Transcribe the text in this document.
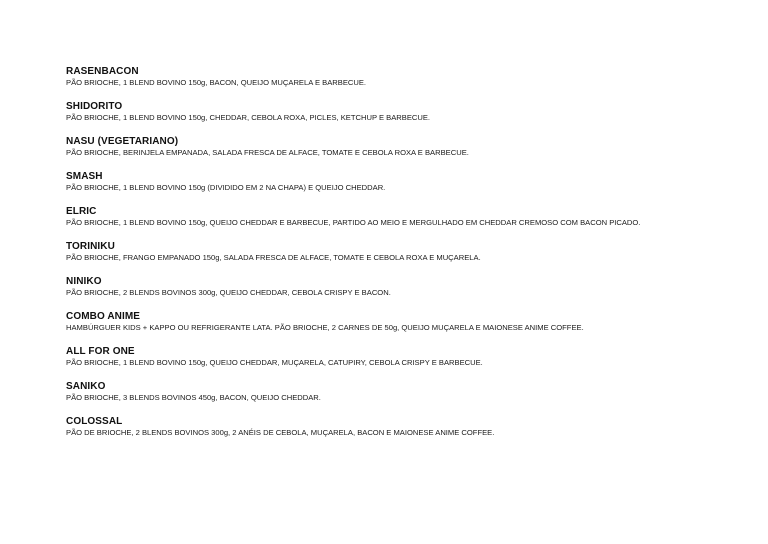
RASENBACON

PÃO BRIOCHE, 1 BLEND BOVINO 150g, BACON, QUEIJO MUÇARELA E BARBECUE.

SHIDORITO

PÃO BRIOCHE, 1 BLEND BOVINO 150g, CHEDDAR, CEBOLA ROXA, PICLES, KETCHUP E BARBECUE.

NASU (VEGETARIANO)

PÃO BRIOCHE, BERINJELA EMPANADA, SALADA FRESCA DE ALFACE, TOMATE E CEBOLA ROXA E BARBECUE.

SMASH

PÃO BRIOCHE, 1 BLEND BOVINO 150g (DIVIDIDO EM 2 NA CHAPA) E QUEIJO CHEDDAR.

ELRIC

PÃO BRIOCHE, 1 BLEND BOVINO 150g, QUEIJO CHEDDAR E BARBECUE, PARTIDO AO MEIO E MERGULHADO EM CHEDDAR CREMOSO COM BACON PICADO.

TORINIKU

PÃO BRIOCHE, FRANGO EMPANADO 150g, SALADA FRESCA DE ALFACE, TOMATE E CEBOLA ROXA E MUÇARELA.

NINIKO

PÃO BRIOCHE, 2 BLENDS BOVINOS 300g, QUEIJO CHEDDAR, CEBOLA CRISPY E BACON.

COMBO ANIME

HAMBÚRGUER KIDS + KAPPO OU REFRIGERANTE LATA. PÃO BRIOCHE, 2 CARNES DE 50g, QUEIJO MUÇARELA E MAIONESE ANIME COFFEE.

ALL FOR ONE

PÃO BRIOCHE, 1 BLEND BOVINO 150g, QUEIJO CHEDDAR, MUÇARELA, CATUPIRY, CEBOLA CRISPY E BARBECUE.

SANIKO

PÃO BRIOCHE, 3 BLENDS BOVINOS 450g, BACON, QUEIJO CHEDDAR.

COLOSSAL

PÃO DE BRIOCHE, 2 BLENDS BOVINOS 300g, 2 ANÉIS DE CEBOLA, MUÇARELA, BACON E MAIONESE ANIME COFFEE.
